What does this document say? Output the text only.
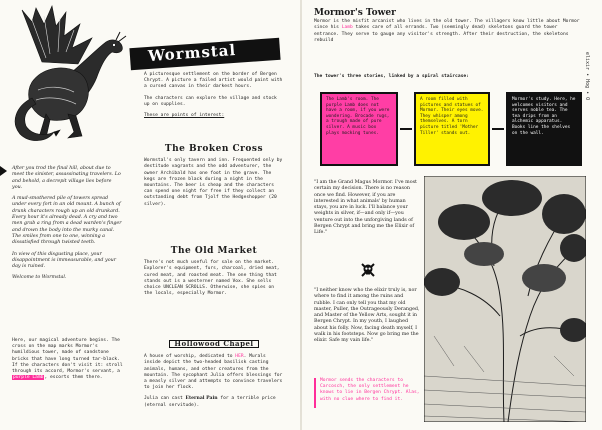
After you trod the final hill, about due to meet the sinister, assassinating travelers. Lo and behold, a decrepit village lies before you.

A mud-smothered pile of towers spread under every fort in an old mount. A bunch of drunk characters rough up an old drunkard. Every hour it's already dead. A cry and two men grab a ring from a dead warden's finger and drown the body into the murky canal. The smiles from one to one, winning a dissatisfied through twisted teeth.

In view of this disgusting place, your disappointment is immeasurable, and your day is ruined.

Welcome to Wormstal.

Here, our magical adventure begins. The cross on the map marks Mormor's humildious tower, made of sandstone bricks that have long turned tar-black. If the characters don't visit it: stroll through its accord, Mormor's servant, a purple Lamb, escorts them there.

Wormstal

A picturesque settlement on the border of Bergen Chrypt. A picture a failed artist would paint with a cursed canvas in their darkest hours.

The characters can explore the village and stock up on supplies.

These are points of interest:

The Broken Cross

Wormstal's only tavern and inn. Frequented only by destitude vagrants and the odd adventurer, the owner Archibald has one foot in the grave. The kegs are frozen black during a night in the mountains. The beer is cheap and the characters can spend one night for free if they collect an outstanding debt from Tjolf the Hedgeshopper (20 silver).

The Old Market

There's not much useful for sale on the market. Explorer's equipment, furs, charcoal, dried meat, cured meat, and roasted meat. The one thing that stands out is a westerner named Vox. She sells choice UNCLEAN SCROLLS. Otherwise, she spies on the locals, especially Mormor.

Hollowood Chapel

A house of worship, dedicated to HER. Murals inside depict the two-headed basilisk casting animals, humans, and other creatures from the mountain. The sycophant Julia offers blessings for a measly silver and attempts to convince travelers to join her flock.

Julia can cast Eternal Pain for a terrible price (eternal servitude).

Mormor's Tower

Mormor is the misfit arcanist who lives in the old tower. The villagers know little about Mormor since his Lamb takes care of all errands. Two (seemingly dead) skeletons guard the tower entrance. They serve to gauge any visitor's strength. After their destruction, the skeletons rebuild

The tower's three stories, linked by a spiral staircase:
The Lamb's room. The purple Lamb does not have a room, if you were wondering. Brocade rugs, a trough made of pure silver. A music box plays mocking tunes.
A room filled with pictures and statues of Mormor. Their eyes move. They whisper among themselves. A torn picture titled 'Mother Tiller' stands out.
Mormor's study. Here, he welcomes visitors and serves noble tea. The tea drips from an alchemic apparatus. Books line the shelves on the wall.

"I am the Grand Magus Mormor. I've most certain my decision. There is no reason once we find. However, if you are interested in what animals' by human stays, you are in luck. I'll balance your weights in silver, if—and only if—you venture out into the unforgiving lands of Bergen Chrypt and bring me the Elixir of Life."

"I neither know who the elixir truly is, nor where to find it among the ruins and rubble. I can only tell you that my old master, Puller, the Outrageously Deranged, and Master of the Yellow Arts, sought it in Bergen Chrypt. In my youth, I laughed about his folly. Now, facing death myself, I walk in his footsteps. Now go bring me the elixir. Safe my vain life."

Mormor sends the characters to Carcosch, the only settlement he knows to lie in Bergen Chrypt. Alas, with no clue where to find it.

elixir • Hog • O
